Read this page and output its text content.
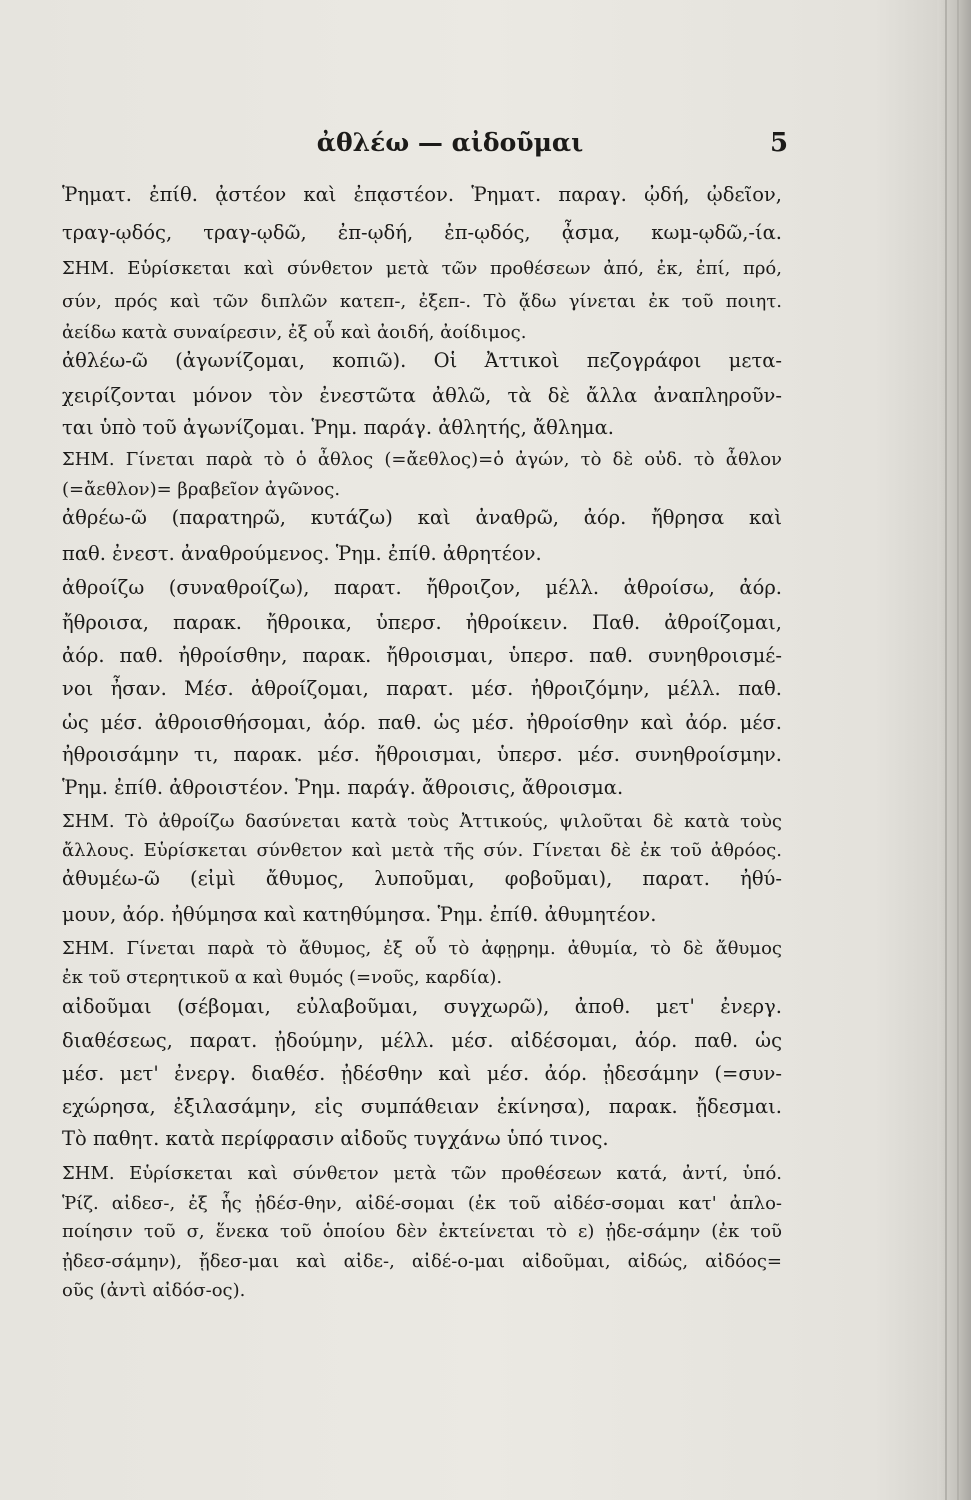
ἀθλέω — αἰδοῦμαι	5
Ῥηματ. ἐπίθ. ᾀστέον καὶ ἐπᾳστέον. Ῥηματ. παραγ. ᾠδή, ᾠδεῖον,
τραγ-ῳδός, τραγ-ῳδῶ, ἐπ-ῳδή, ἐπ-ῳδός, ᾆσμα, κωμ-ῳδῶ,-ία.
ΣΗΜ. Εὑρίσκεται καὶ σύνθετον μετὰ τῶν προθέσεων ἀπό, ἐκ, ἐπί, πρό,
σύν, πρός καὶ τῶν διπλῶν κατεπ-, ἐξεπ-. Τὸ ᾄδω γίνεται ἐκ τοῦ ποιητ.
ἀείδω κατὰ συναίρεσιν, ἐξ οὗ καὶ ἀοιδή, ἀοίδιμος.
ἀθλέω-ῶ (ἀγωνίζομαι, κοπιῶ). Οἱ Ἀττικοὶ πεζογράφοι μετα-
χειρίζονται μόνον τὸν ἐνεστῶτα ἀθλῶ, τὰ δὲ ἄλλα ἀναπληροῦν-
ται ὑπὸ τοῦ ἀγωνίζομαι. Ῥημ. παράγ. ἀθλητής, ἄθλημα.
ΣΗΜ. Γίνεται παρὰ τὸ ὁ ἆθλος (=ἄεθλος)=ὁ ἀγών, τὸ δὲ οὐδ. τὸ ἆθλον
(=ἄεθλον)= βραβεῖον ἀγῶνος.
ἀθρέω-ῶ (παρατηρῶ, κυτάζω) καὶ ἀναθρῶ, ἀόρ. ἤθρησα καὶ
παθ. ἐνεστ. ἀναθρούμενος. Ῥημ. ἐπίθ. ἀθρητέον.
ἀθροίζω (συναθροίζω), παρατ. ἤθροιζον, μέλλ. ἀθροίσω, ἀόρ.
ἤθροισα, παρακ. ἤθροικα, ὑπερσ. ἠθροίκειν. Παθ. ἀθροίζομαι,
ἀόρ. παθ. ἠθροίσθην, παρακ. ἤθροισμαι, ὑπερσ. παθ. συνηθροισμέ-
νοι ἦσαν. Μέσ. ἀθροίζομαι, παρατ. μέσ. ἠθροιζόμην, μέλλ. παθ.
ὡς μέσ. ἀθροισθήσομαι, ἀόρ. παθ. ὡς μέσ. ἠθροίσθην καὶ ἀόρ. μέσ.
ἠθροισάμην τι, παρακ. μέσ. ἤθροισμαι, ὑπερσ. μέσ. συνηθροίσμην.
Ῥημ. ἐπίθ. ἀθροιστέον. Ῥημ. παράγ. ἄθροισις, ἄθροισμα.
ΣΗΜ. Τὸ ἀθροίζω δασύνεται κατὰ τοὺς Ἀττικούς, ψιλοῦται δὲ κατὰ τοὺς
ἄλλους. Εὑρίσκεται σύνθετον καὶ μετὰ τῆς σύν. Γίνεται δὲ ἐκ τοῦ ἀθρόος.
ἀθυμέω-ῶ (εἰμὶ ἄθυμος, λυποῦμαι, φοβοῦμαι), παρατ. ἠθύ-
μουν, ἀόρ. ἠθύμησα καὶ κατηθύμησα. Ῥημ. ἐπίθ. ἀθυμητέον.
ΣΗΜ. Γίνεται παρὰ τὸ ἄθυμος, ἐξ οὗ τὸ ἀφῃρημ. ἀθυμία, τὸ δὲ ἄθυμος
ἐκ τοῦ στερητικοῦ α καὶ θυμός (=νοῦς, καρδία).
αἰδοῦμαι (σέβομαι, εὐλαβοῦμαι, συγχωρῶ), ἀποθ. μετ' ἐνεργ.
διαθέσεως, παρατ. ᾐδούμην, μέλλ. μέσ. αἰδέσομαι, ἀόρ. παθ. ὡς
μέσ. μετ' ἐνεργ. διαθέσ. ᾐδέσθην καὶ μέσ. ἀόρ. ᾐδεσάμην (=συν-
εχώρησα, ἐξιλασάμην, εἰς συμπάθειαν ἐκίνησα), παρακ. ᾔδεσμαι.
Τὸ παθητ. κατὰ περίφρασιν αἰδοῦς τυγχάνω ὑπό τινος.
ΣΗΜ. Εὑρίσκεται καὶ σύνθετον μετὰ τῶν προθέσεων κατά, ἀντί, ὑπό.
Ῥίζ. αἰδεσ-, ἐξ ἧς ᾐδέσ-θην, αἰδέ-σομαι (ἐκ τοῦ αἰδέσ-σομαι κατ' ἀπλο-
ποίησιν τοῦ σ, ἕνεκα τοῦ ὁποίου δὲν ἐκτείνεται τὸ ε) ᾐδε-σάμην (ἐκ τοῦ
ᾐδεσ-σάμην), ᾔδεσ-μαι καὶ αἰδε-, αἰδέ-ο-μαι αἰδοῦμαι, αἰδώς, αἰδόος=
οῦς (ἀντὶ αἰδόσ-ος).
